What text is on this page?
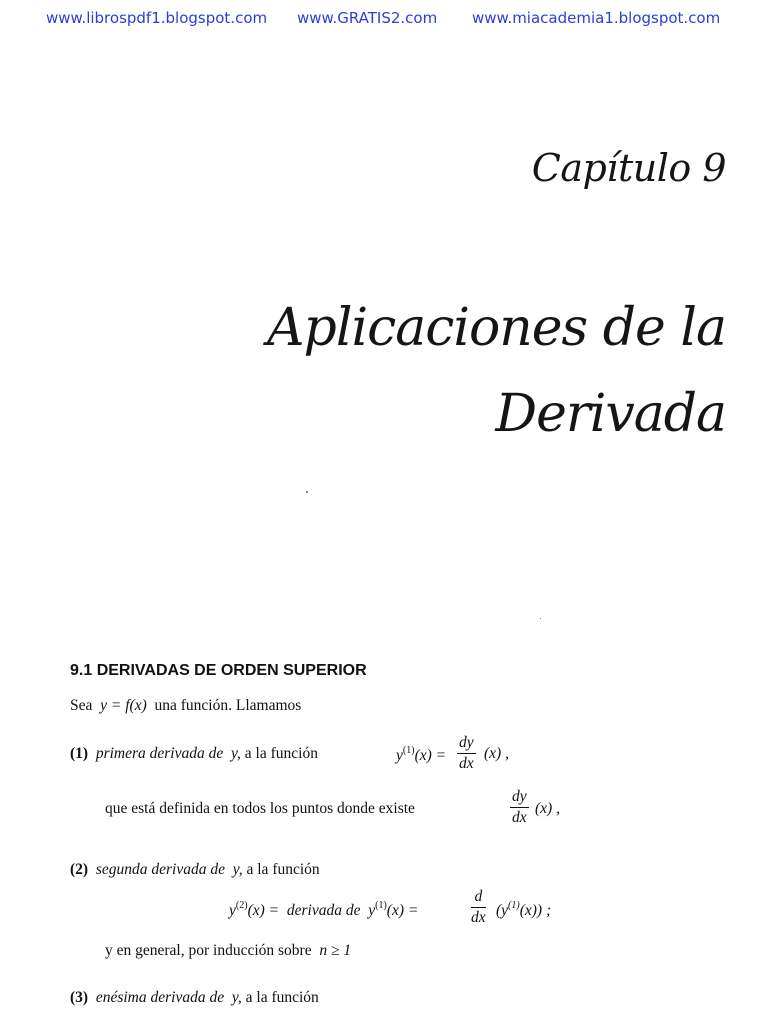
www.librospdf1.blogspot.com www.GRATIS2.com www.miacademia1.blogspot.com
Capítulo 9
Aplicaciones de la
Derivada
9.1 DERIVADAS DE ORDEN SUPERIOR
Sea y = f(x) una función. Llamamos
(1) primera derivada de y, a la función	$y^{(1)}(x) = \frac{dy}{dx} (x)$ ,
que está definida en todos los puntos donde existe	$\frac{dy}{dx} (x)$ ,
(2) segunda derivada de y, a la función
$y^{(2)}(x)$ = derivada de $y^{(1)}(x)$ =	$\frac{d}{dx} (y^{(1)}(x))$ ;
y en general, por inducción sobre n ≥ 1
(3) enésima derivada de y, a la función
